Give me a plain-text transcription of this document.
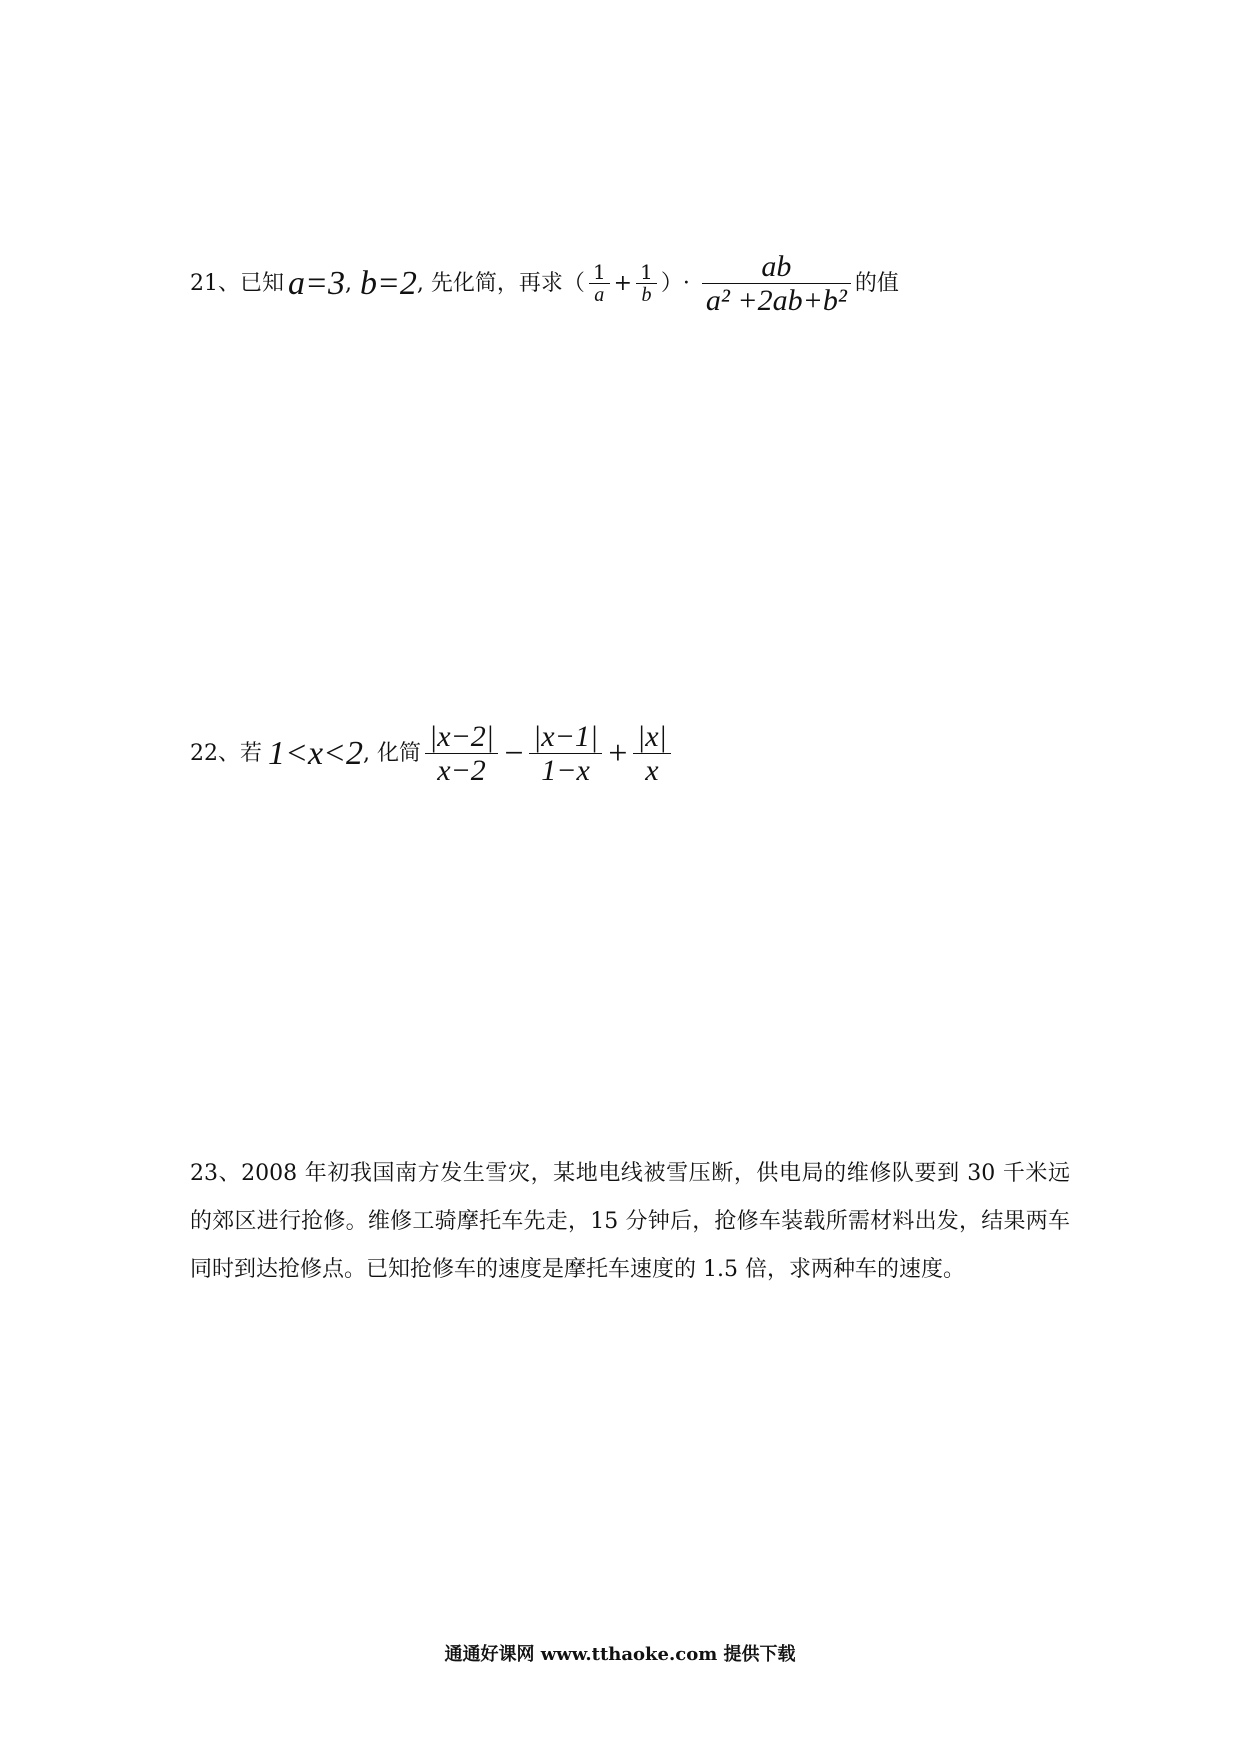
21、 已知 a=3 , b=2 , 先化简，再求 （ $\frac{1}{a} + \frac{1}{b}$ ） · $\frac{ab}{\text{a² +2ab+b²}}$ 的值
22、 若 1<x<2 , 化简 $\frac{|x-2|}{x-2} - \frac{|x-1|}{1-x} + \frac{|x|}{x}$
23、2008 年初我国南方发生雪灾，某地电线被雪压断，供电局的维修队要到 30 千米远的郊区进行抢修。维修工骑摩托车先走，15 分钟后，抢修车装载所需材料出发，结果两车同时到达抢修点。已知抢修车的速度是摩托车速度的 1.5 倍，求两种车的速度。
通通好课网 www.tthaoke.com 提供下载
